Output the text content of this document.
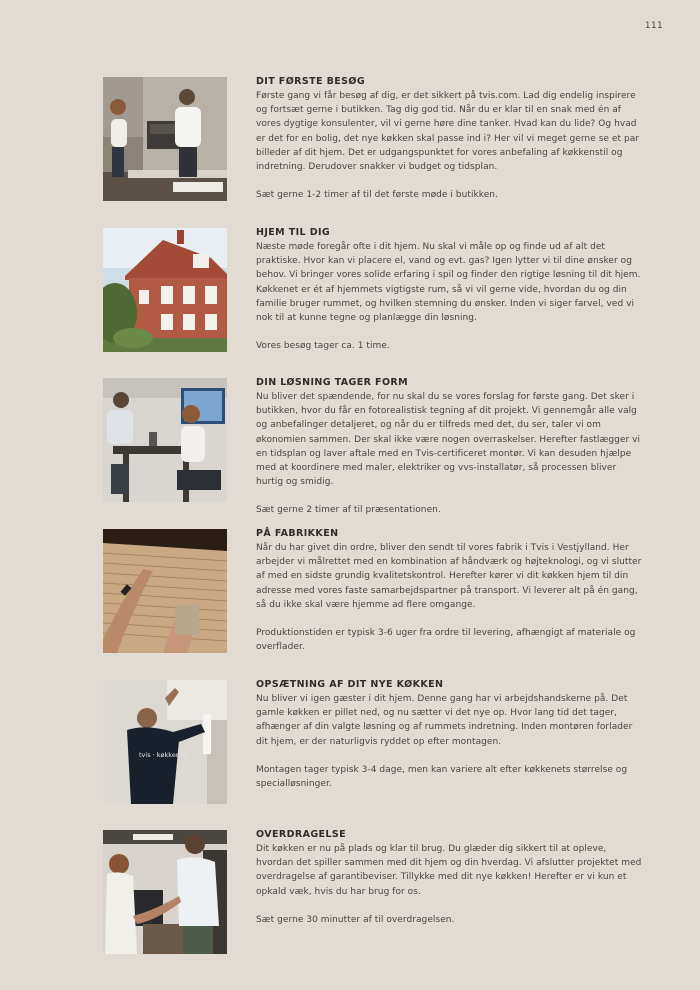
111
DIT FØRSTE BESØG

Første gang vi får besøg af dig, er det sikkert på tvis.com. Lad dig endelig inspirere og fortsæt gerne i butikken. Tag dig god tid. Når du er klar til en snak med én af vores dygtige konsulenter, vil vi gerne høre dine tanker. Hvad kan du lide? Og hvad er det for en bolig, det nye køkken skal passe ind i? Her vil vi meget gerne se et par billeder af dit hjem. Det er udgangspunktet for vores anbefaling af køkkenstil og indretning. Derudover snakker vi budget og tidsplan.

Sæt gerne 1-2 timer af til det første møde i butikken.

HJEM TIL DIG

Næste møde foregår ofte i dit hjem. Nu skal vi måle op og finde ud af alt det praktiske. Hvor kan vi placere el, vand og evt. gas? Igen lytter vi til dine ønsker og behov. Vi bringer vores solide erfaring i spil og finder den rigtige løsning til dit hjem. Køkkenet er ét af hjemmets vigtigste rum, så vi vil gerne vide, hvordan du og din familie bruger rummet, og hvilken stemning du ønsker. Inden vi siger farvel, ved vi nok til at kunne tegne og planlægge din løsning.

Vores besøg tager ca. 1 time.

DIN LØSNING TAGER FORM

Nu bliver det spændende, for nu skal du se vores forslag for første gang. Det sker i butikken, hvor du får en fotorealistisk tegning af dit projekt. Vi gennemgår alle valg og anbefalinger detaljeret, og når du er tilfreds med det, du ser, taler vi om økonomien sammen. Der skal ikke være nogen overraskelser. Herefter fastlægger vi en tidsplan og laver aftale med en Tvis-certificeret montør. Vi kan desuden hjælpe med at koordinere med maler, elektriker og vvs-installatør, så processen bliver hurtig og smidig.

Sæt gerne 2 timer af til præsentationen.

PÅ FABRIKKEN

Når du har givet din ordre, bliver den sendt til vores fabrik i Tvis i Vestjylland. Her arbejder vi målrettet med en kombination af håndværk og højteknologi, og vi slutter af med en sidste grundig kvalitetskontrol. Herefter kører vi dit køkken hjem til din adresse med vores faste samarbejdspartner på transport. Vi leverer alt på én gang, så du ikke skal være hjemme ad flere omgange.

Produktionstiden er typisk 3-6 uger fra ordre til levering, afhængigt af materiale og overflader.

tvis · køkkener
OPSÆTNING AF DIT NYE KØKKEN

Nu bliver vi igen gæster i dit hjem. Denne gang har vi arbejdshandskerne på. Det gamle køkken er pillet ned, og nu sætter vi det nye op. Hvor lang tid det tager, afhænger af din valgte løsning og af rummets indretning. Inden montøren forlader dit hjem, er der naturligvis ryddet op efter montagen.

Montagen tager typisk 3-4 dage, men kan variere alt efter køkkenets størrelse og specialløsninger.

OVERDRAGELSE

Dit køkken er nu på plads og klar til brug. Du glæder dig sikkert til at opleve, hvordan det spiller sammen med dit hjem og din hverdag. Vi afslutter projektet med overdragelse af garantibeviser. Tillykke med dit nye køkken! Herefter er vi kun et opkald væk, hvis du har brug for os.

Sæt gerne 30 minutter af til overdragelsen.
